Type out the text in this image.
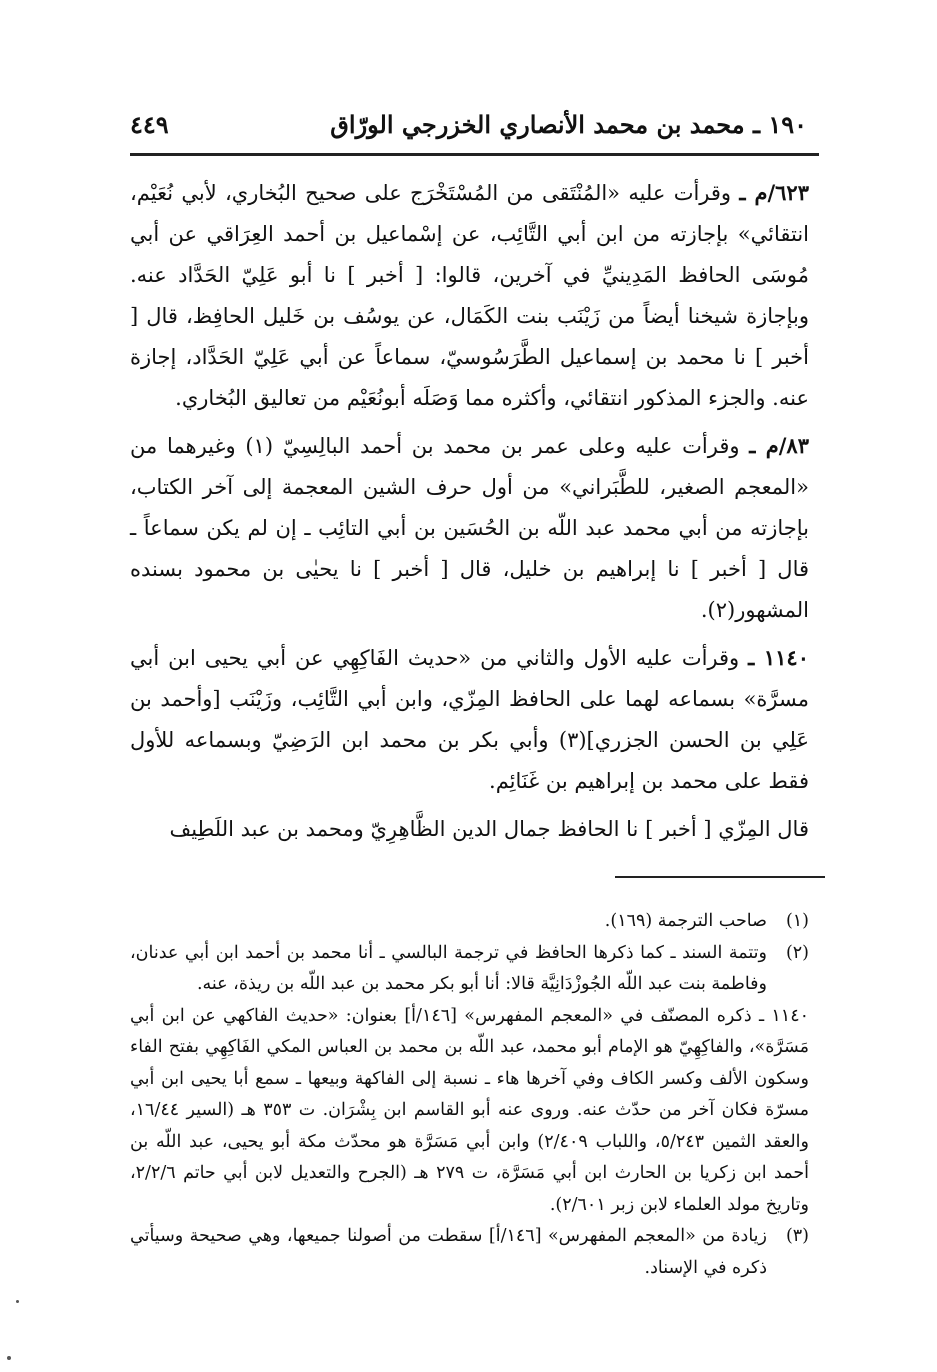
١٩٠ ـ محمد بن محمد الأنصاري الخزرجي الورّاق
٤٤٩

٦٢٣/م ـ وقرأت عليه «المُنْتَقى من المُسْتَخْرَج على صحيح البُخاري، لأبي نُعَيْم، انتقائي» بإجازته من ابن أبي التَّائِب، عن إسْماعيل بن أحمد العِرَاقي عن أبي مُوسَى الحافظ المَدِينيِّ في آخرين، قالوا: [ أخبر ] نا أبو عَلِيّ الحَدَّاد عنه. وبإجازة شيخنا أيضاً من زَيْنَب بنت الكَمَال، عن يوسُف بن خَليل الحافِظ، قال [ أخبر ] نا محمد بن إسماعيل الطَّرَسُوسيّ، سماعاً عن أبي عَلِيّ الحَدَّاد، إجازة عنه. والجزء المذكور انتقائي، وأكثره مما وَصَلَه أبونُعَيْم من تعاليق البُخاري.

٨٣/م ـ وقرأت عليه وعلى عمر بن محمد بن أحمد البالِسِيّ (١) وغيرهما من «المعجم الصغير، للطَّبَراني» من أول حرف الشين المعجمة إلى آخر الكتاب، بإجازته من أبي محمد عبد اللّه بن الحُسَين بن أبي التائِب ـ إن لم يكن سماعاً ـ قال [ أخبر ] نا إبراهيم بن خليل، قال [ أخبر ] نا يحيٰى بن محمود بسنده المشهور(٢).

١١٤٠ ـ وقرأت عليه الأول والثاني من «حديث الفَاكِهِي عن أبي يحيى ابن أبي مسرَّة» بسماعه لهما على الحافظ المِزّي، وابن أبي التَّائِب، وزَيْنَب [وأحمد بن عَلِي بن الحسن الجزري](٣) وأبي بكر بن محمد ابن الرَضِيّ وبسماعه للأول فقط على محمد بن إبراهيم بن غَنَائِم.

قال المِزّي [ أخبر ] نا الحافظ جمال الدين الظَّاهِرِيّ ومحمد بن عبد اللَطِيف

(١)
صاحب الترجمة (١٦٩).
(٢)
وتتمة السند ـ كما ذكرها الحافظ في ترجمة البالسي ـ أنا محمد بن أحمد ابن أبي عدنان، وفاطمة بنت عبد اللّه الجُوزْدَانِيَّة قالا: أنا أبو بكر محمد بن عبد اللّه بن ريذة، عنه.
١١٤٠ ـ ذكره المصنّف في «المعجم المفهرس» [١٤٦/أ] بعنوان: «حديث الفاكهي عن ابن أبي مَسَرَّة»، والفاكِهِيّ هو الإمام أبو محمد، عبد اللّه بن محمد بن العباس المكي الفَاكِهِي بفتح الفاء وسكون الألف وكسر الكاف وفي آخرها هاء ـ نسبة إلى الفاكهة وبيعها ـ سمع أبا يحيى ابن أبي مسرّة فكان آخر من حدّث عنه. وروى عنه أبو القاسم ابن بِشْرَان. ت ٣٥٣ هـ (السير ١٦/٤٤، والعقد الثمين ٥/٢٤٣، واللباب ٢/٤٠٩) وابن أبي مَسَرَّة هو محدّث مكة أبو يحيى، عبد اللّه بن أحمد ابن زكريا بن الحارث ابن أبي مَسَرَّة، ت ٢٧٩ هـ (الجرح والتعديل لابن أبي حاتم ٢/٢/٦، وتاريخ مولد العلماء لابن زبر ٢/٦٠١).
(٣)
زيادة من «المعجم المفهرس» [١٤٦/أ] سقطت من أصولنا جميعها، وهي صحيحة وسيأتي ذكره في الإسناد.
